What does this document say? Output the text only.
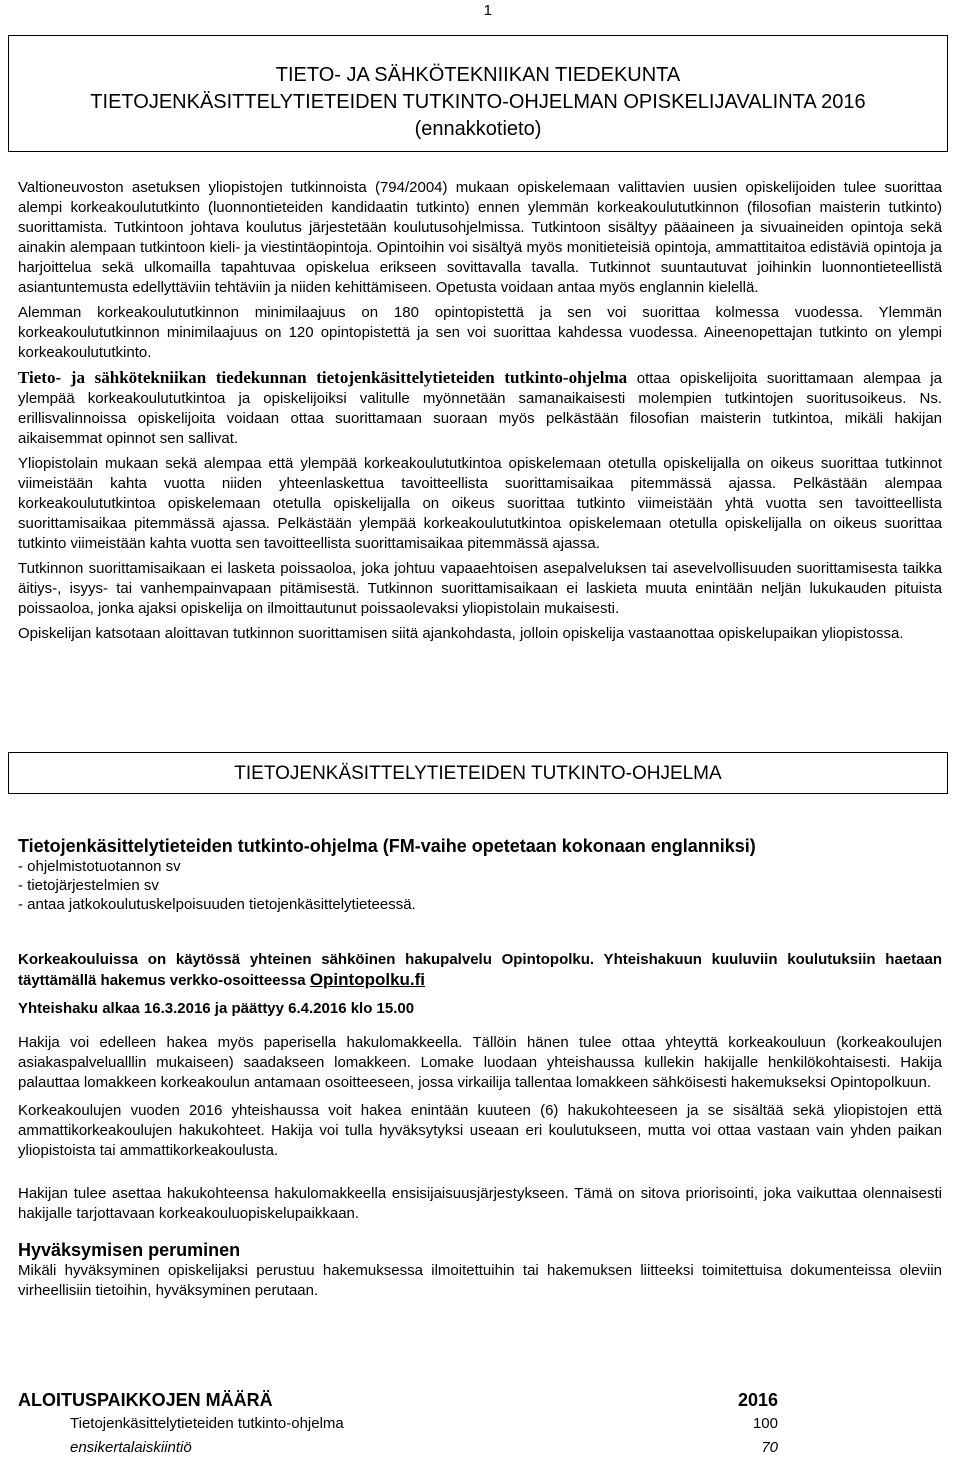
1
TIETO- JA SÄHKÖTEKNIIKAN TIEDEKUNTA
TIETOJENKÄSITTELYTIETEIDEN TUTKINTO-OHJELMAN OPISKELIJAVALINTA 2016
(ennakkotieto)

Valtioneuvoston asetuksen yliopistojen tutkinnoista (794/2004) mukaan opiskelemaan valittavien uusien opiskelijoiden tulee suorittaa alempi korkeakoulututkinto (luonnontieteiden kandidaatin tutkinto) ennen ylemmän korkeakoulututkinnon (filosofian maisterin tutkinto) suorittamista. Tutkintoon johtava koulutus järjestetään koulutusohjelmissa. Tutkintoon sisältyy pääaineen ja sivuaineiden opintoja sekä ainakin alempaan tutkintoon kieli- ja viestintäopintoja. Opintoihin voi sisältyä myös monitieteisiä opintoja, ammattitaitoa edistäviä opintoja ja harjoittelua sekä ulkomailla tapahtuvaa opiskelua erikseen sovittavalla tavalla. Tutkinnot suuntautuvat joihinkin luonnontieteellistä asiantuntemusta edellyttäviin tehtäviin ja niiden kehittämiseen. Opetusta voidaan antaa myös englannin kielellä.

Alemman korkeakoulututkinnon minimilaajuus on 180 opintopistettä ja sen voi suorittaa kolmessa vuodessa. Ylemmän korkeakoulututkinnon minimilaajuus on 120 opintopistettä ja sen voi suorittaa kahdessa vuodessa. Aineenopettajan tutkinto on ylempi korkeakoulututkinto.

Tieto- ja sähkötekniikan tiedekunnan tietojenkäsittelytieteiden tutkinto-ohjelma ottaa opiskelijoita suorittamaan alempaa ja ylempää korkeakoulututkintoa ja opiskelijoiksi valitulle myönnetään samanaikaisesti molempien tutkintojen suoritusoikeus. Ns. erillisvalinnoissa opiskelijoita voidaan ottaa suorittamaan suoraan myös pelkästään filosofian maisterin tutkintoa, mikäli hakijan aikaisemmat opinnot sen sallivat.

Yliopistolain mukaan sekä alempaa että ylempää korkeakoulututkintoa opiskelemaan otetulla opiskelijalla on oikeus suorittaa tutkinnot viimeistään kahta vuotta niiden yhteenlaskettua tavoitteellista suorittamisaikaa pitemmässä ajassa. Pelkästään alempaa korkeakoulututkintoa opiskelemaan otetulla opiskelijalla on oikeus suorittaa tutkinto viimeistään yhtä vuotta sen tavoitteellista suorittamisaikaa pitemmässä ajassa. Pelkästään ylempää korkeakoulututkintoa opiskelemaan otetulla opiskelijalla on oikeus suorittaa tutkinto viimeistään kahta vuotta sen tavoitteellista suorittamisaikaa pitemmässä ajassa.

Tutkinnon suorittamisaikaan ei lasketa poissaoloa, joka johtuu vapaaehtoisen asepalveluksen tai asevelvollisuuden suorittamisesta taikka äitiys-, isyys- tai vanhempainvapaan pitämisestä. Tutkinnon suorittamisaikaan ei laskieta muuta enintään neljän lukukauden pituista poissaoloa, jonka ajaksi opiskelija on ilmoittautunut poissaolevaksi yliopistolain mukaisesti.

Opiskelijan katsotaan aloittavan tutkinnon suorittamisen siitä ajankohdasta, jolloin opiskelija vastaanottaa opiskelupaikan yliopistossa.

TIETOJENKÄSITTELYTIETEIDEN TUTKINTO-OHJELMA
Tietojenkäsittelytieteiden tutkinto-ohjelma (FM-vaihe opetetaan kokonaan englanniksi)
- ohjelmistotuotannon sv
- tietojärjestelmien sv
- antaa jatkokoulutuskelpoisuuden tietojenkäsittelytieteessä.

Korkeakouluissa on käytössä yhteinen sähköinen hakupalvelu Opintopolku. Yhteishakuun kuuluviin koulutuksiin haetaan täyttämällä hakemus verkko-osoitteessa Opintopolku.fi

Yhteishaku alkaa 16.3.2016 ja päättyy 6.4.2016 klo 15.00

Hakija voi edelleen hakea myös paperisella hakulomakkeella. Tällöin hänen tulee ottaa yhteyttä korkeakouluun (korkeakoulujen asiakaspalvelualllin mukaiseen) saadakseen lomakkeen. Lomake luodaan yhteishaussa kullekin hakijalle henkilökohtaisesti. Hakija palauttaa lomakkeen korkeakoulun antamaan osoitteeseen, jossa virkailija tallentaa lomakkeen sähköisesti hakemukseksi Opintopolkuun.

Korkeakoulujen vuoden 2016 yhteishaussa voit hakea enintään kuuteen (6) hakukohteeseen ja se sisältää sekä yliopistojen että ammattikorkeakoulujen hakukohteet. Hakija voi tulla hyväksytyksi useaan eri koulutukseen, mutta voi ottaa vastaan vain yhden paikan yliopistoista tai ammattikorkeakoulusta.

Hakijan tulee asettaa hakukohteensa hakulomakkeella ensisijaisuusjärjestykseen. Tämä on sitova priorisointi, joka vaikuttaa olennaisesti hakijalle tarjottavaan korkeakouluopiskelupaikkaan.

Hyväksymisen peruminen

Mikäli hyväksyminen opiskelijaksi perustuu hakemuksessa ilmoitettuihin tai hakemuksen liitteeksi toimitettuisa dokumenteissa oleviin virheellisiin tietoihin, hyväksyminen perutaan.

ALOITUSPAIKKOJEN MÄÄRÄ	2016
Tietojenkäsittelytieteiden tutkinto-ohjelma	100
ensikertalaiskiintiö	70
